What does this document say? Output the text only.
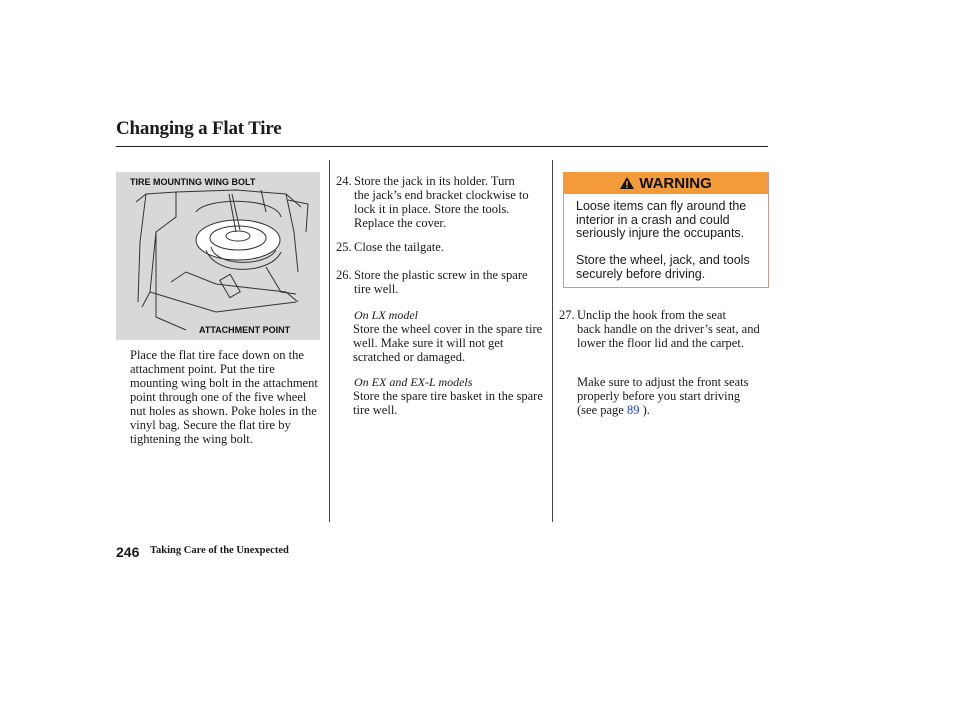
Changing a Flat Tire
TIRE MOUNTING WING BOLT
ATTACHMENT POINT

Place the flat tire face down on the attachment point. Put the tire mounting wing bolt in the attachment point through one of the five wheel nut holes as shown. Poke holes in the vinyl bag. Secure the flat tire by tightening the wing bolt.

24. Store the jack in its holder. Turn
the jack’s end bracket clockwise to lock it in place. Store the tools. Replace the cover.
25. Close the tailgate.
26. Store the plastic screw in the spare
tire well.
On LX model

Store the wheel cover in the spare tire well. Make sure it will not get scratched or damaged.

On EX and EX-L models

Store the spare tire basket in the spare tire well.

WARNING

Loose items can fly around the interior in a crash and could seriously injure the occupants.

Store the wheel, jack, and tools securely before driving.

27. Unclip the hook from the seat
back handle on the driver’s seat, and lower the floor lid and the carpet.

Make sure to adjust the front seats properly before you start driving (see page 89 ).

246 Taking Care of the Unexpected
